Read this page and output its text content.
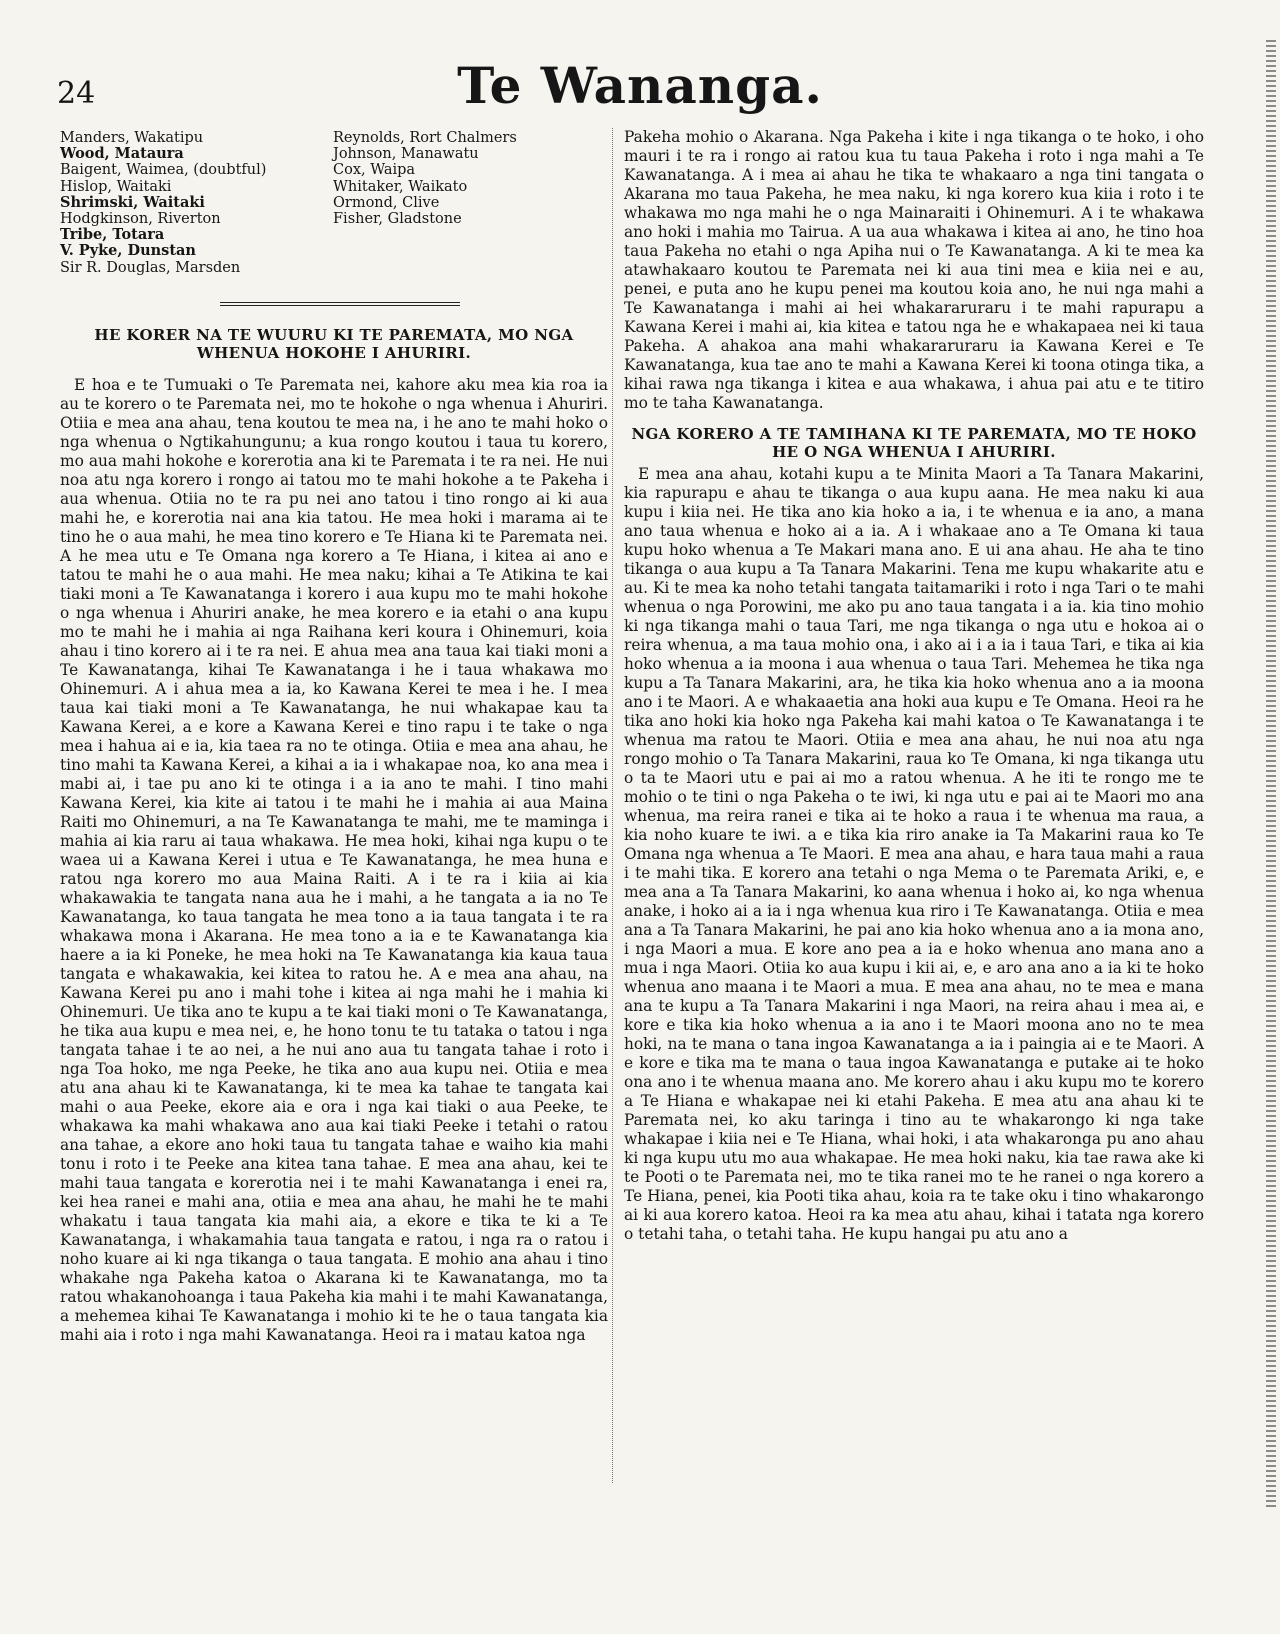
24	Te Wananga.
Manders, Wakatipu
Wood, Mataura
Baigent, Waimea, (doubtful)
Hislop, Waitaki
Shrimski, Waitaki
Hodgkinson, Riverton
Tribe, Totara
V. Pyke, Dunstan
Sir R. Douglas, Marsden
Reynolds, Rort Chalmers
Johnson, Manawatu
Cox, Waipa
Whitaker, Waikato
Ormond, Clive
Fisher, Gladstone
HE KORER NA TE WUURU KI TE PAREMATA, MO NGA WHENUA HOKOHE I AHURIRI.

E hoa e te Tumuaki o Te Paremata nei, kahore aku mea kia roa ia au te korero o te Paremata nei, mo te hokohe o nga whenua i Ahuriri. Otiia e mea ana ahau, tena koutou te mea na, i he ano te mahi hoko o nga whenua o Ngtikahungunu; a kua rongo koutou i taua tu korero, mo aua mahi hokohe e korerotia ana ki te Paremata i te ra nei. He nui noa atu nga korero i rongo ai tatou mo te mahi hokohe a te Pakeha i aua whenua. Otiia no te ra pu nei ano tatou i tino rongo ai ki aua mahi he, e korerotia nai ana kia tatou. He mea hoki i marama ai te tino he o aua mahi, he mea tino korero e Te Hiana ki te Paremata nei. A he mea utu e Te Omana nga korero a Te Hiana, i kitea ai ano e tatou te mahi he o aua mahi. He mea naku; kihai a Te Atikina te kai tiaki moni a Te Kawanatanga i korero i aua kupu mo te mahi hokohe o nga whenua i Ahuriri anake, he mea korero e ia etahi o ana kupu mo te mahi he i mahia ai nga Raihana keri koura i Ohinemuri, koia ahau i tino korero ai i te ra nei. E ahua mea ana taua kai tiaki moni a Te Kawanatanga, kihai Te Kawanatanga i he i taua whakawa mo Ohinemuri. A i ahua mea a ia, ko Kawana Kerei te mea i he. I mea taua kai tiaki moni a Te Kawanatanga, he nui whakapae kau ta Kawana Kerei, a e kore a Kawana Kerei e tino rapu i te take o nga mea i hahua ai e ia, kia taea ra no te otinga. Otiia e mea ana ahau, he tino mahi ta Kawana Kerei, a kihai a ia i whakapae noa, ko ana mea i mabi ai, i tae pu ano ki te otinga i a ia ano te mahi. I tino mahi Kawana Kerei, kia kite ai tatou i te mahi he i mahia ai aua Maina Raiti mo Ohinemuri, a na Te Kawanatanga te mahi, me te maminga i mahia ai kia raru ai taua whakawa. He mea hoki, kihai nga kupu o te waea ui a Kawana Kerei i utua e Te Kawanatanga, he mea huna e ratou nga korero mo aua Maina Raiti. A i te ra i kiia ai kia whakawakia te tangata nana aua he i mahi, a he tangata a ia no Te Kawanatanga, ko taua tangata he mea tono a ia taua tangata i te ra whakawa mona i Akarana. He mea tono a ia e te Kawanatanga kia haere a ia ki Poneke, he mea hoki na Te Kawanatanga kia kaua taua tangata e whakawakia, kei kitea to ratou he. A e mea ana ahau, na Kawana Kerei pu ano i mahi tohe i kitea ai nga mahi he i mahia ki Ohinemuri. Ue tika ano te kupu a te kai tiaki moni o Te Kawanatanga, he tika aua kupu e mea nei, e, he hono tonu te tu tataka o tatou i nga tangata tahae i te ao nei, a he nui ano aua tu tangata tahae i roto i nga Toa hoko, me nga Peeke, he tika ano aua kupu nei. Otiia e mea atu ana ahau ki te Kawanatanga, ki te mea ka tahae te tangata kai mahi o aua Peeke, ekore aia e ora i nga kai tiaki o aua Peeke, te whakawa ka mahi whakawa ano aua kai tiaki Peeke i tetahi o ratou ana tahae, a ekore ano hoki taua tu tangata tahae e waiho kia mahi tonu i roto i te Peeke ana kitea tana tahae. E mea ana ahau, kei te mahi taua tangata e korerotia nei i te mahi Kawanatanga i enei ra, kei hea ranei e mahi ana, otiia e mea ana ahau, he mahi he te mahi whakatu i taua tangata kia mahi aia, a ekore e tika te ki a Te Kawanatanga, i whakamahia taua tangata e ratou, i nga ra o ratou i noho kuare ai ki nga tikanga o taua tangata. E mohio ana ahau i tino whakahe nga Pakeha katoa o Akarana ki te Kawanatanga, mo ta ratou whakanohoanga i taua Pakeha kia mahi i te mahi Kawanatanga, a mehemea kihai Te Kawanatanga i mohio ki te he o taua tangata kia mahi aia i roto i nga mahi Kawanatanga. Heoi ra i matau katoa nga

Pakeha mohio o Akarana. Nga Pakeha i kite i nga tikanga o te hoko, i oho mauri i te ra i rongo ai ratou kua tu taua Pakeha i roto i nga mahi a Te Kawanatanga. A i mea ai ahau he tika te whakaaro a nga tini tangata o Akarana mo taua Pakeha, he mea naku, ki nga korero kua kiia i roto i te whakawa mo nga mahi he o nga Mainaraiti i Ohinemuri. A i te whakawa ano hoki i mahia mo Tairua. A ua aua whakawa i kitea ai ano, he tino hoa taua Pakeha no etahi o nga Apiha nui o Te Kawanatanga. A ki te mea ka atawhakaaro koutou te Paremata nei ki aua tini mea e kiia nei e au, penei, e puta ano he kupu penei ma koutou koia ano, he nui nga mahi a Te Kawanatanga i mahi ai hei whakararuraru i te mahi rapurapu a Kawana Kerei i mahi ai, kia kitea e tatou nga he e whakapaea nei ki taua Pakeha. A ahakoa ana mahi whakararuraru ia Kawana Kerei e Te Kawanatanga, kua tae ano te mahi a Kawana Kerei ki toona otinga tika, a kihai rawa nga tikanga i kitea e aua whakawa, i ahua pai atu e te titiro mo te taha Kawanatanga.

NGA KORERO A TE TAMIHANA KI TE PAREMATA, MO TE HOKO HE O NGA WHENUA I AHURIRI.

E mea ana ahau, kotahi kupu a te Minita Maori a Ta Tanara Makarini, kia rapurapu e ahau te tikanga o aua kupu aana. He mea naku ki aua kupu i kiia nei. He tika ano kia hoko a ia, i te whenua e ia ano, a mana ano taua whenua e hoko ai a ia. A i whakaae ano a Te Omana ki taua kupu hoko whenua a Te Makari mana ano. E ui ana ahau. He aha te tino tikanga o aua kupu a Ta Tanara Makarini. Tena me kupu whakarite atu e au. Ki te mea ka noho tetahi tangata taitamariki i roto i nga Tari o te mahi whenua o nga Porowini, me ako pu ano taua tangata i a ia. kia tino mohio ki nga tikanga mahi o taua Tari, me nga tikanga o nga utu e hokoa ai o reira whenua, a ma taua mohio ona, i ako ai i a ia i taua Tari, e tika ai kia hoko whenua a ia moona i aua whenua o taua Tari. Mehemea he tika nga kupu a Ta Tanara Makarini, ara, he tika kia hoko whenua ano a ia moona ano i te Maori. A e whakaaetia ana hoki aua kupu e Te Omana. Heoi ra he tika ano hoki kia hoko nga Pakeha kai mahi katoa o Te Kawanatanga i te whenua ma ratou te Maori. Otiia e mea ana ahau, he nui noa atu nga rongo mohio o Ta Tanara Makarini, raua ko Te Omana, ki nga tikanga utu o ta te Maori utu e pai ai mo a ratou whenua. A he iti te rongo me te mohio o te tini o nga Pakeha o te iwi, ki nga utu e pai ai te Maori mo ana whenua, ma reira ranei e tika ai te hoko a raua i te whenua ma raua, a kia noho kuare te iwi. a e tika kia riro anake ia Ta Makarini raua ko Te Omana nga whenua a Te Maori. E mea ana ahau, e hara taua mahi a raua i te mahi tika. E korero ana tetahi o nga Mema o te Paremata Ariki, e, e mea ana a Ta Tanara Makarini, ko aana whenua i hoko ai, ko nga whenua anake, i hoko ai a ia i nga whenua kua riro i Te Kawanatanga. Otiia e mea ana a Ta Tanara Makarini, he pai ano kia hoko whenua ano a ia mona ano, i nga Maori a mua. E kore ano pea a ia e hoko whenua ano mana ano a mua i nga Maori. Otiia ko aua kupu i kii ai, e, e aro ana ano a ia ki te hoko whenua ano maana i te Maori a mua. E mea ana ahau, no te mea e mana ana te kupu a Ta Tanara Makarini i nga Maori, na reira ahau i mea ai, e kore e tika kia hoko whenua a ia ano i te Maori moona ano no te mea hoki, na te mana o tana ingoa Kawanatanga a ia i paingia ai e te Maori. A e kore e tika ma te mana o taua ingoa Kawanatanga e putake ai te hoko ona ano i te whenua maana ano. Me korero ahau i aku kupu mo te korero a Te Hiana e whakapae nei ki etahi Pakeha. E mea atu ana ahau ki te Paremata nei, ko aku taringa i tino au te whakarongo ki nga take whakapae i kiia nei e Te Hiana, whai hoki, i ata whakaronga pu ano ahau ki nga kupu utu mo aua whakapae. He mea hoki naku, kia tae rawa ake ki te Pooti o te Paremata nei, mo te tika ranei mo te he ranei o nga korero a Te Hiana, penei, kia Pooti tika ahau, koia ra te take oku i tino whakarongo ai ki aua korero katoa. Heoi ra ka mea atu ahau, kihai i tatata nga korero o tetahi taha, o tetahi taha. He kupu hangai pu atu ano a
